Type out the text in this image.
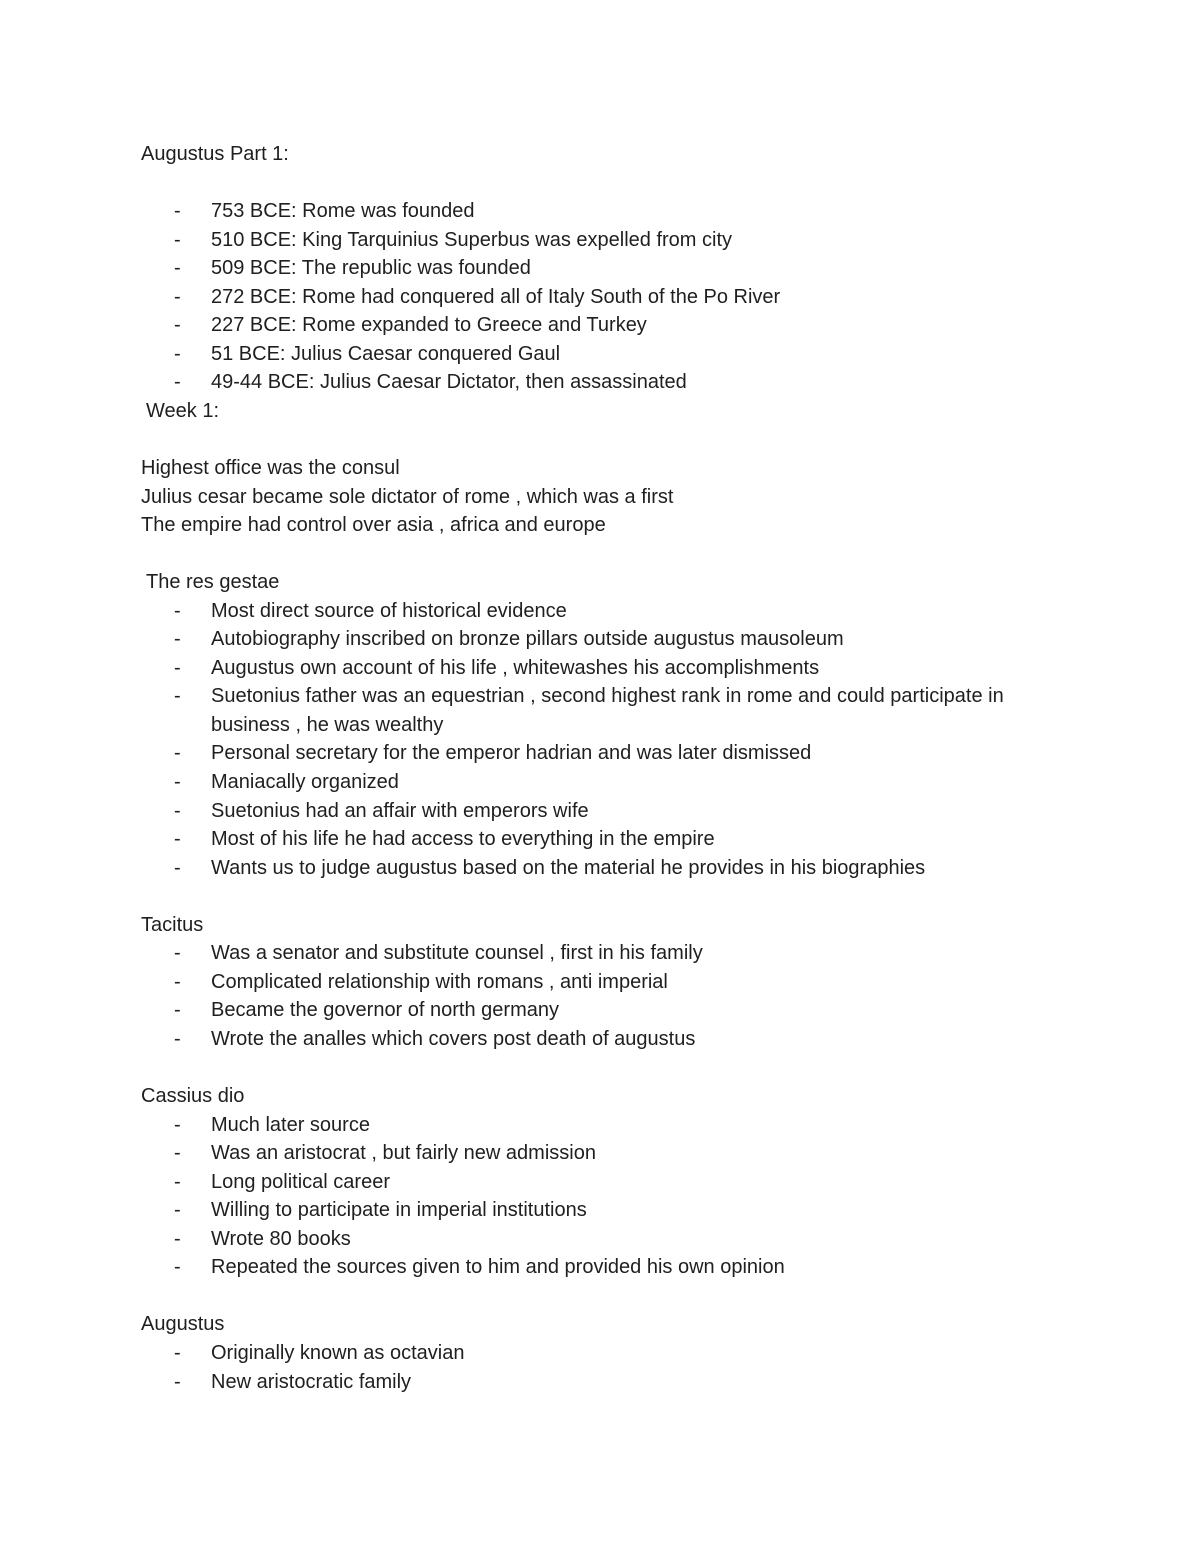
Augustus Part 1:
- 753 BCE: Rome was founded
- 510 BCE: King Tarquinius Superbus was expelled from city
- 509 BCE: The republic was founded
- 272 BCE: Rome had conquered all of Italy South of the Po River
- 227 BCE: Rome expanded to Greece and Turkey
- 51 BCE: Julius Caesar conquered Gaul
- 49-44 BCE: Julius Caesar Dictator, then assassinated
Week 1:
Highest office was the consul
Julius cesar became sole dictator of rome , which was a first
The empire had control over asia , africa and europe
The res gestae
- Most direct source of historical evidence
- Autobiography inscribed on bronze pillars outside augustus mausoleum
- Augustus own account of his life , whitewashes his accomplishments
- Suetonius father was an equestrian , second highest rank in rome and could participate in business , he was wealthy
- Personal secretary for the emperor hadrian and was later dismissed
- Maniacally organized
- Suetonius had an affair with emperors wife
- Most of his life he had access to everything in the empire
- Wants us to judge augustus based on the material he provides in his biographies
Tacitus
- Was a senator and substitute counsel , first in his family
- Complicated relationship with romans , anti imperial
- Became the governor of north germany
- Wrote the analles which covers post death of augustus
Cassius dio
- Much later source
- Was an aristocrat , but fairly new admission
- Long political career
- Willing to participate in imperial institutions
- Wrote 80 books
- Repeated the sources given to him and provided his own opinion
Augustus
- Originally known as octavian
- New aristocratic family
